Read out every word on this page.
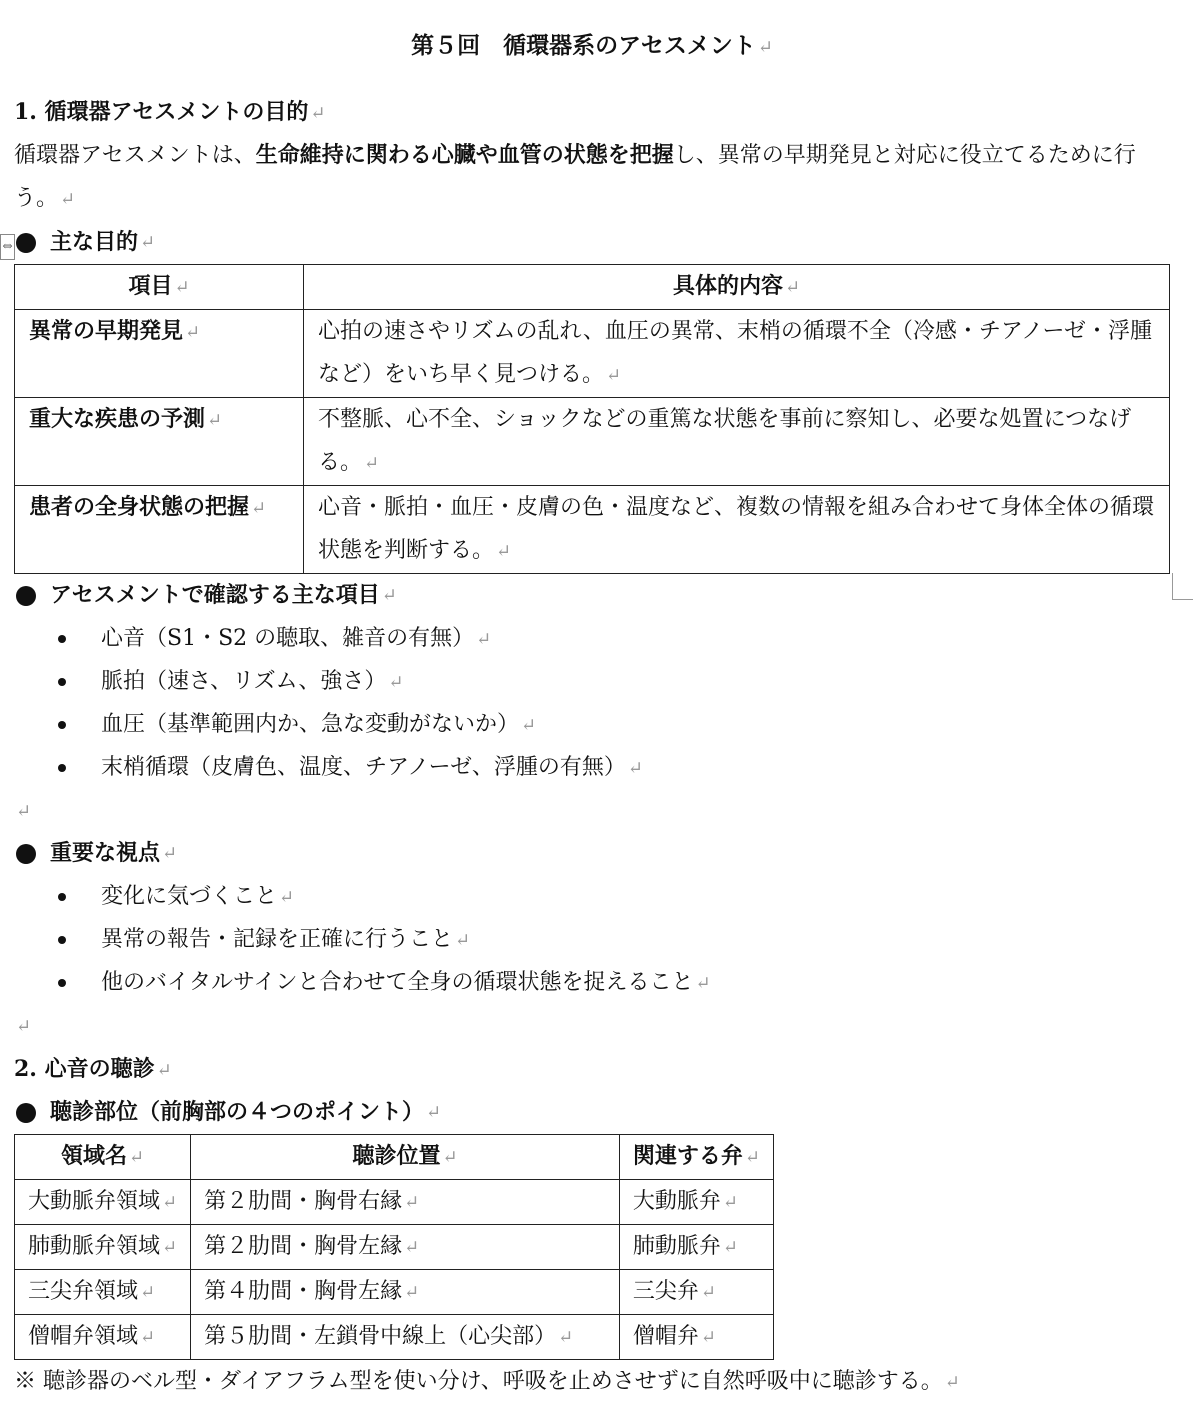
⇔
第５回　循環器系のアセスメント ↵
1. 循環器アセスメントの目的 ↵
循環器アセスメントは、生命維持に関わる心臓や血管の状態を把握し、異常の早期発見と対応に役立てるために行う。 ↵
主な目的 ↵
項目 ↵	具体的内容 ↵
異常の早期発見 ↵	心拍の速さやリズムの乱れ、血圧の異常、末梢の循環不全（冷感・チアノーゼ・浮腫など）をいち早く見つける。 ↵
重大な疾患の予測 ↵	不整脈、心不全、ショックなどの重篤な状態を事前に察知し、必要な処置につなげる。 ↵
患者の全身状態の把握 ↵	心音・脈拍・血圧・皮膚の色・温度など、複数の情報を組み合わせて身体全体の循環状態を判断する。 ↵
アセスメントで確認する主な項目 ↵
心音（S1・S2 の聴取、雑音の有無） ↵
脈拍（速さ、リズム、強さ） ↵
血圧（基準範囲内か、急な変動がないか） ↵
末梢循環（皮膚色、温度、チアノーゼ、浮腫の有無） ↵
↵
重要な視点 ↵
変化に気づくこと ↵
異常の報告・記録を正確に行うこと ↵
他のバイタルサインと合わせて全身の循環状態を捉えること ↵
↵
2. 心音の聴診 ↵
聴診部位（前胸部の４つのポイント） ↵
領域名 ↵	聴診位置 ↵	関連する弁 ↵
大動脈弁領域 ↵	第２肋間・胸骨右縁 ↵	大動脈弁 ↵
肺動脈弁領域 ↵	第２肋間・胸骨左縁 ↵	肺動脈弁 ↵
三尖弁領域 ↵	第４肋間・胸骨左縁 ↵	三尖弁 ↵
僧帽弁領域 ↵	第５肋間・左鎖骨中線上（心尖部） ↵	僧帽弁 ↵
※ 聴診器のベル型・ダイアフラム型を使い分け、呼吸を止めさせずに自然呼吸中に聴診する。 ↵
